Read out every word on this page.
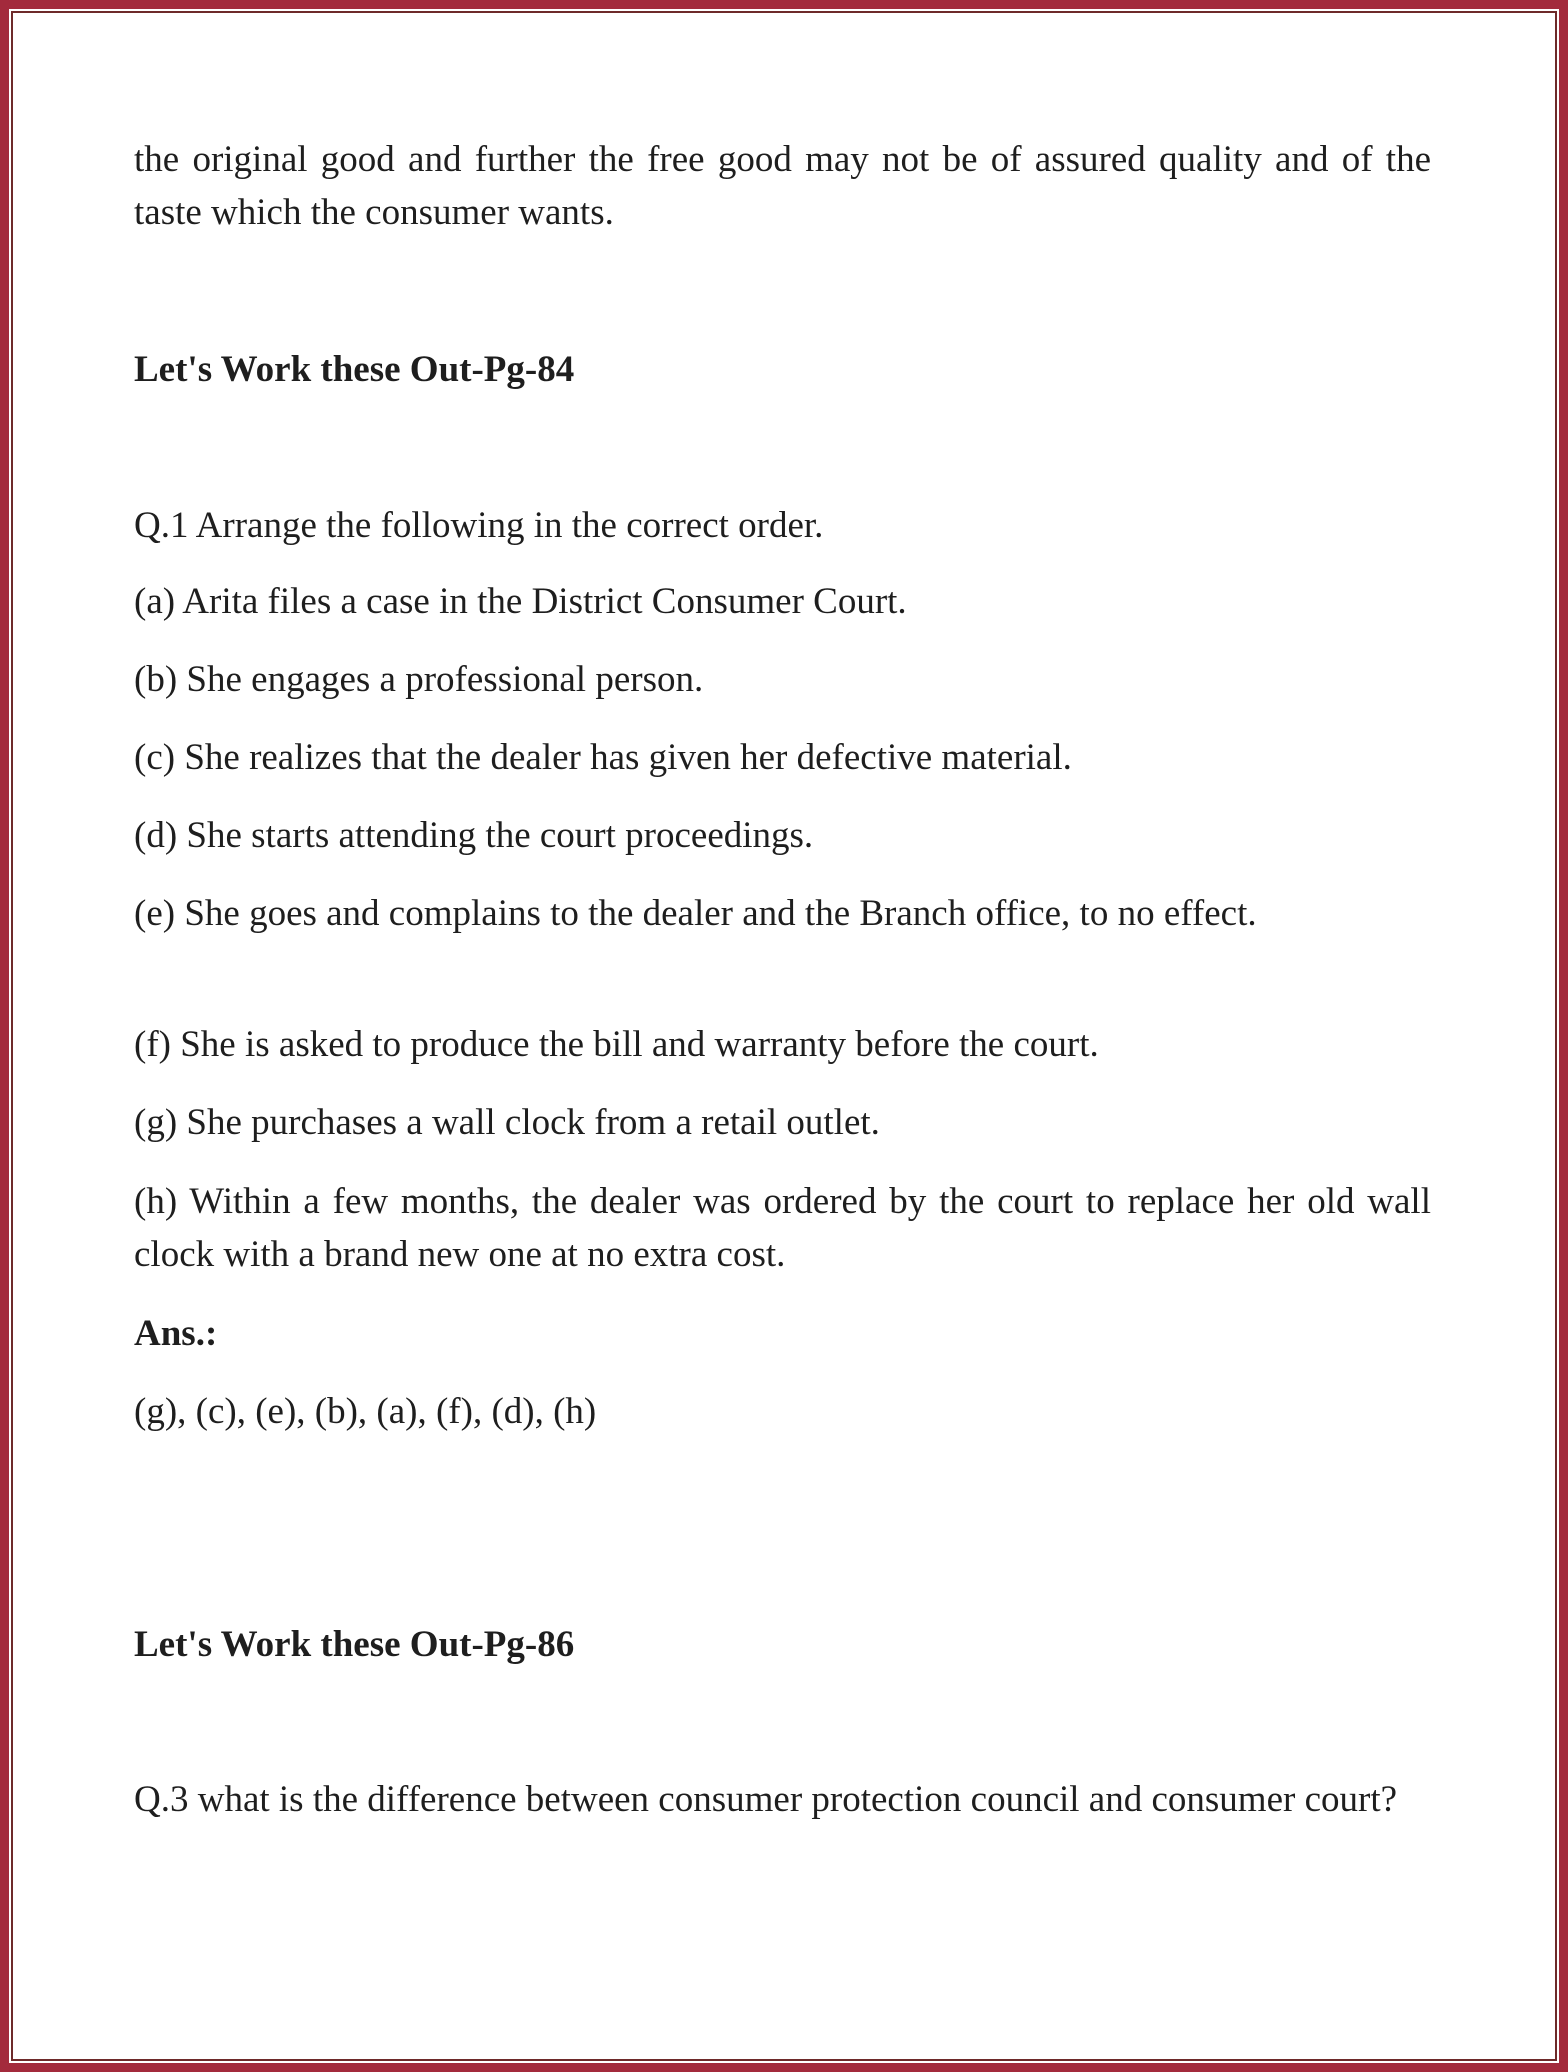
the original good and further the free good may not be of assured quality and of the taste which the consumer wants.

Let's Work these Out-Pg-84

Q.1 Arrange the following in the correct order.

(a) Arita files a case in the District Consumer Court.

(b) She engages a professional person.

(c) She realizes that the dealer has given her defective material.

(d) She starts attending the court proceedings.

(e) She goes and complains to the dealer and the Branch office, to no effect.

(f) She is asked to produce the bill and warranty before the court.

(g) She purchases a wall clock from a retail outlet.

(h) Within a few months, the dealer was ordered by the court to replace her old wall clock with a brand new one at no extra cost.

Ans.:

(g), (c), (e), (b), (a), (f), (d), (h)

Let's Work these Out-Pg-86

Q.3 what is the difference between consumer protection council and consumer court?
